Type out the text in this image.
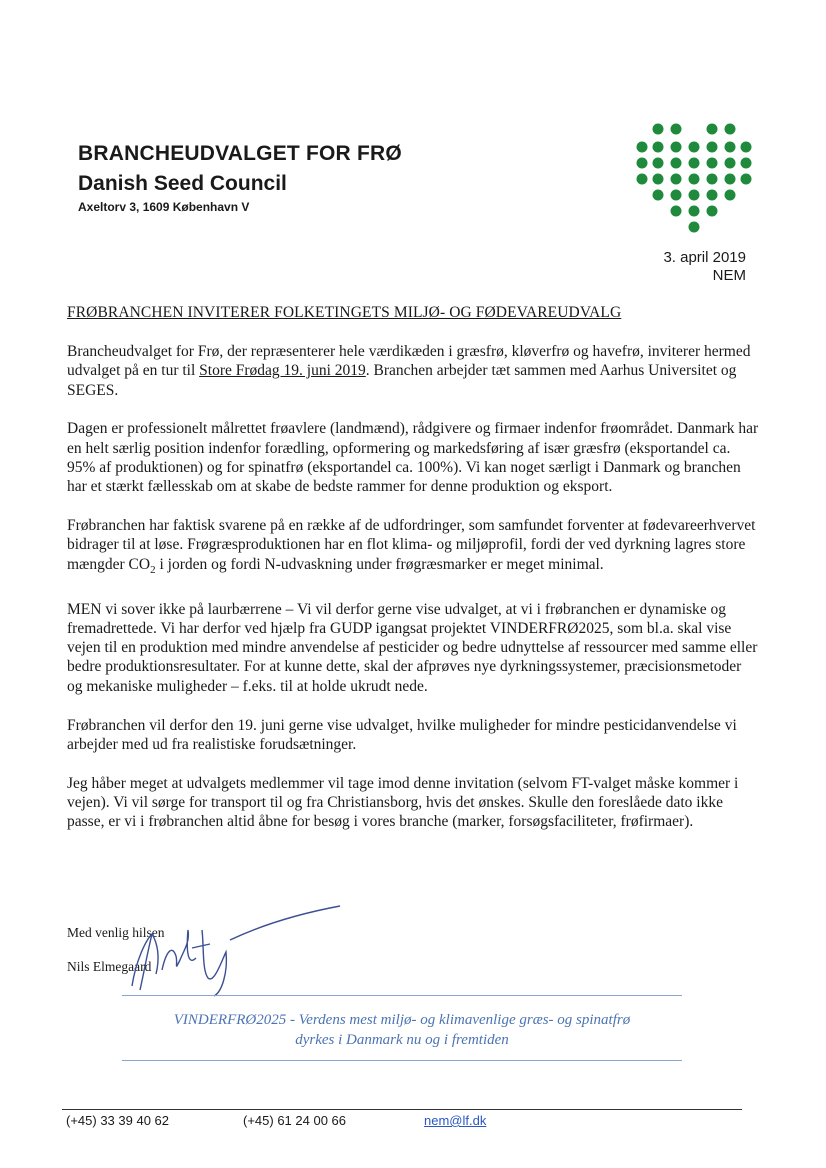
BRANCHEUDVALGET FOR FRØ
Danish Seed Council
Axeltorv 3, 1609 København V
3. april 2019
NEM
FRØBRANCHEN INVITERER FOLKETINGETS MILJØ- OG FØDEVAREUDVALG

Brancheudvalget for Frø, der repræsenterer hele værdikæden i græsfrø, kløverfrø og havefrø, inviterer hermed udvalget på en tur til Store Frødag 19. juni 2019. Branchen arbejder tæt sammen med Aarhus Universitet og SEGES.

Dagen er professionelt målrettet frøavlere (landmænd), rådgivere og firmaer indenfor frøområdet. Danmark har en helt særlig position indenfor forædling, opformering og markedsføring af især græsfrø (eksportandel ca. 95% af produktionen) og for spinatfrø (eksportandel ca. 100%). Vi kan noget særligt i Danmark og branchen har et stærkt fællesskab om at skabe de bedste rammer for denne produktion og eksport.

Frøbranchen har faktisk svarene på en række af de udfordringer, som samfundet forventer at fødevareerhvervet bidrager til at løse. Frøgræsproduktionen har en flot klima- og miljøprofil, fordi der ved dyrkning lagres store mængder $CO_2$ i jorden og fordi N-udvaskning under frøgræsmarker er meget minimal.

MEN vi sover ikke på laurbærrene – Vi vil derfor gerne vise udvalget, at vi i frøbranchen er dynamiske og fremadrettede. Vi har derfor ved hjælp fra GUDP igangsat projektet VINDERFRØ2025, som bl.a. skal vise vejen til en produktion med mindre anvendelse af pesticider og bedre udnyttelse af ressourcer med samme eller bedre produktionsresultater. For at kunne dette, skal der afprøves nye dyrkningssystemer, præcisionsmetoder og mekaniske muligheder – f.eks. til at holde ukrudt nede.

Frøbranchen vil derfor den 19. juni gerne vise udvalget, hvilke muligheder for mindre pesticidanvendelse vi arbejder med ud fra realistiske forudsætninger.

Jeg håber meget at udvalgets medlemmer vil tage imod denne invitation (selvom FT-valget måske kommer i vejen). Vi vil sørge for transport til og fra Christiansborg, hvis det ønskes. Skulle den foreslåede dato ikke passe, er vi i frøbranchen altid åbne for besøg i vores branche (marker, forsøgsfaciliteter, frøfirmaer).

Med venlig hilsen
Nils Elmegaard
VINDERFRØ2025 - Verdens mest miljø- og klimavenlige græs- og spinatfrø
dyrkes i Danmark nu og i fremtiden
(+45) 33 39 40 62	(+45) 61 24 00 66	nem@lf.dk
